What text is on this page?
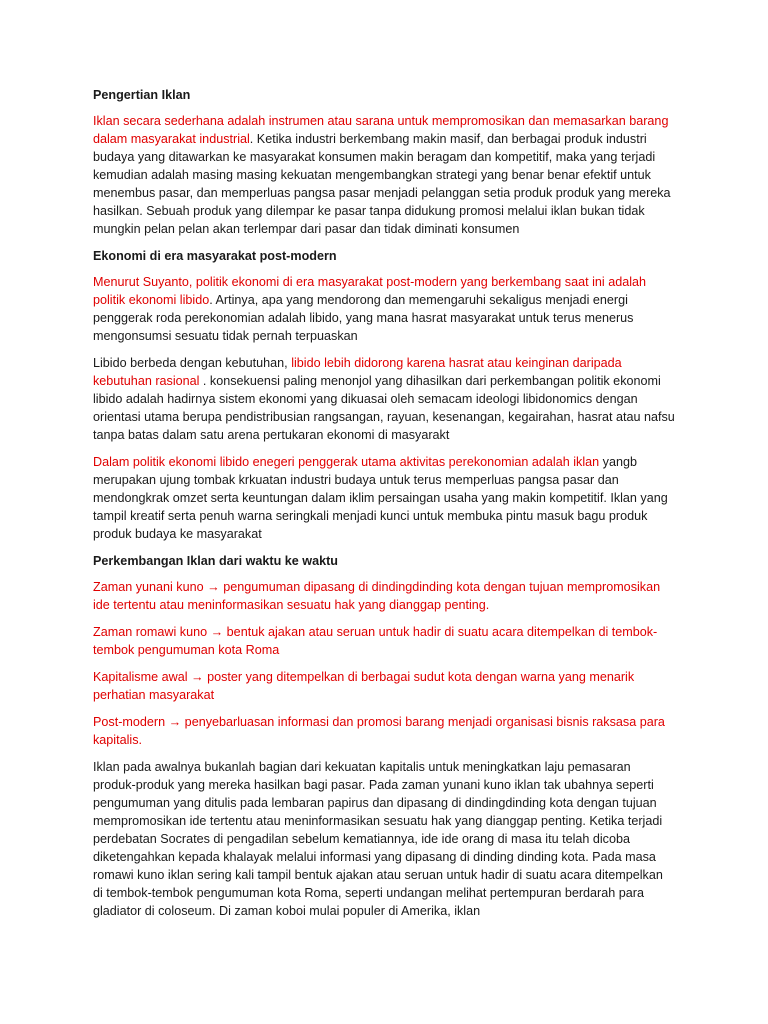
Pengertian Iklan

Iklan secara sederhana adalah instrumen atau sarana untuk mempromosikan dan memasarkan barang dalam masyarakat industrial. Ketika industri berkembang makin masif, dan berbagai produk industri budaya yang ditawarkan ke masyarakat konsumen makin beragam dan kompetitif, maka yang terjadi kemudian adalah masing masing kekuatan mengembangkan strategi yang benar benar efektif untuk menembus pasar, dan memperluas pangsa pasar menjadi pelanggan setia produk produk yang mereka hasilkan. Sebuah produk yang dilempar ke pasar tanpa didukung promosi melalui iklan bukan tidak mungkin pelan pelan akan terlempar dari pasar dan tidak diminati konsumen

Ekonomi di era masyarakat post-modern

Menurut Suyanto, politik ekonomi di era masyarakat post-modern yang berkembang saat ini adalah politik ekonomi libido. Artinya, apa yang mendorong dan memengaruhi sekaligus menjadi energi penggerak roda perekonomian adalah libido, yang mana hasrat masyarakat untuk terus menerus mengonsumsi sesuatu tidak pernah terpuaskan

Libido berbeda dengan kebutuhan, libido lebih didorong karena hasrat atau keinginan daripada kebutuhan rasional . konsekuensi paling menonjol yang dihasilkan dari perkembangan politik ekonomi libido adalah hadirnya sistem ekonomi yang dikuasai oleh semacam ideologi libidonomics dengan orientasi utama berupa pendistribusian rangsangan, rayuan, kesenangan, kegairahan, hasrat atau nafsu tanpa batas dalam satu arena pertukaran ekonomi di masyarakt

Dalam politik ekonomi libido enegeri penggerak utama aktivitas perekonomian adalah iklan yangb merupakan ujung tombak krkuatan industri budaya untuk terus memperluas pangsa pasar dan mendongkrak omzet serta keuntungan dalam iklim persaingan usaha yang makin kompetitif. Iklan yang tampil kreatif serta penuh warna seringkali menjadi kunci untuk membuka pintu masuk bagu produk produk budaya ke masyarakat

Perkembangan Iklan dari waktu ke waktu

Zaman yunani kuno → pengumuman dipasang di dindingdinding kota dengan tujuan mempromosikan ide tertentu atau meninformasikan sesuatu hak yang dianggap penting.

Zaman romawi kuno → bentuk ajakan atau seruan untuk hadir di suatu acara ditempelkan di tembok-tembok pengumuman kota Roma

Kapitalisme awal → poster yang ditempelkan di berbagai sudut kota dengan warna yang menarik perhatian masyarakat

Post-modern → penyebarluasan informasi dan promosi barang menjadi organisasi bisnis raksasa para kapitalis.

Iklan pada awalnya bukanlah bagian dari kekuatan kapitalis untuk meningkatkan laju pemasaran produk-produk yang mereka hasilkan bagi pasar. Pada zaman yunani kuno iklan tak ubahnya seperti pengumuman yang ditulis pada lembaran papirus dan dipasang di dindingdinding kota dengan tujuan mempromosikan ide tertentu atau meninformasikan sesuatu hak yang dianggap penting. Ketika terjadi perdebatan Socrates di pengadilan sebelum kematiannya, ide ide orang di masa itu telah dicoba diketengahkan kepada khalayak melalui informasi yang dipasang di dinding dinding kota. Pada masa romawi kuno iklan sering kali tampil bentuk ajakan atau seruan untuk hadir di suatu acara ditempelkan di tembok-tembok pengumuman kota Roma, seperti undangan melihat pertempuran berdarah para gladiator di coloseum. Di zaman koboi mulai populer di Amerika, iklan
